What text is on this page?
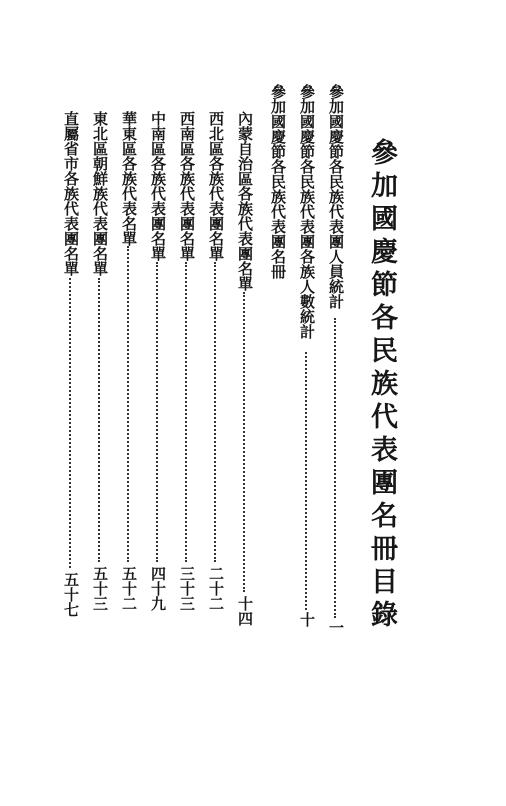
參加國慶節各民族代表團名冊目錄
參加國慶節各民族代表團人員統計
一
參加國慶節各民族代表團各族人數統計
十
參加國慶節各民族代表團名冊
內蒙自治區各族代表團名單
十四
西北區各族代表團名單
二十二
西南區各族代表團名單
三十三
中南區各族代表團名單
四十九
華東區各族代表名單
五十二
東北區朝鮮族代表團名單
五十三
直屬省市各族代表團名單
五十七
